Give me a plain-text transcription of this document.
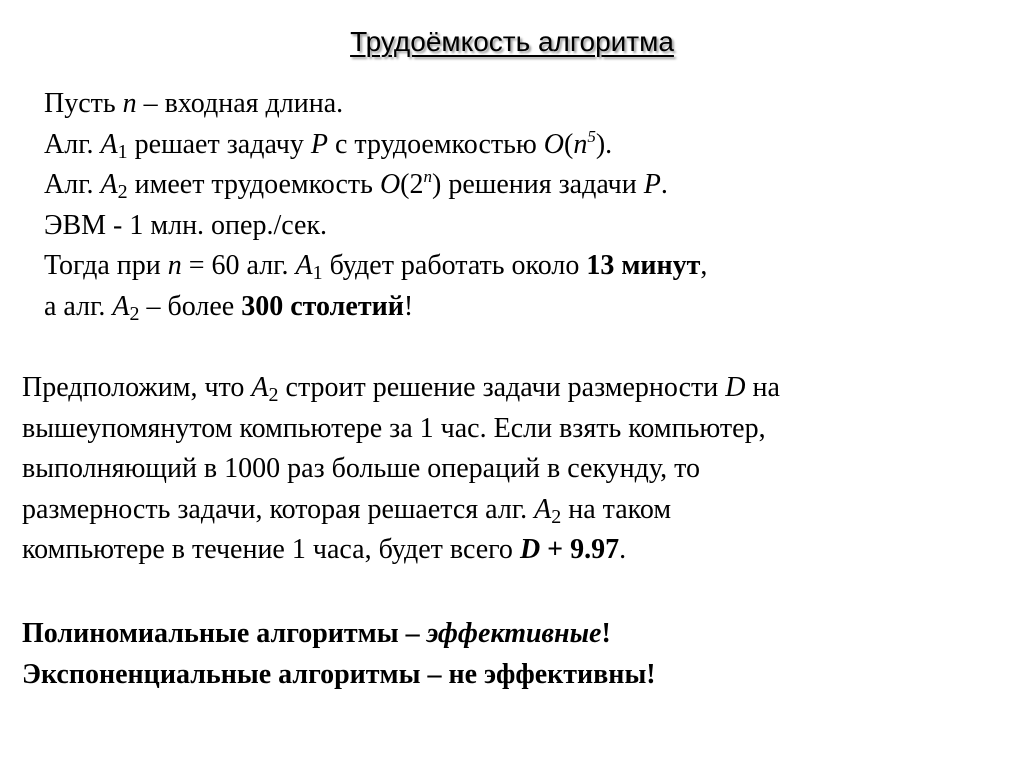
Трудоёмкость алгоритма
Пусть n – входная длина.
Алг. $A_1$ решает задачу P с трудоемкостью $O(n^5)$.
Алг. $A_2$ имеет трудоемкость O(2$^n$) решения задачи P.
ЭВМ - 1 млн. опер./сек.
Тогда при n = 60 алг. $A_1$ будет работать около 13 минут,
а алг. $A_2$ – более 300 столетий!
Предположим, что $A_2$ строит решение задачи размерности D на
вышеупомянутом компьютере за 1 час. Если взять компьютер,
выполняющий в 1000 раз больше операций в секунду, то
размерность задачи, которая решается алг. $A_2$ на таком
компьютере в течение 1 часа, будет всего D + 9.97.
Полиномиальные алгоритмы – эффективные!
Экспоненциальные алгоритмы – не эффективны!
